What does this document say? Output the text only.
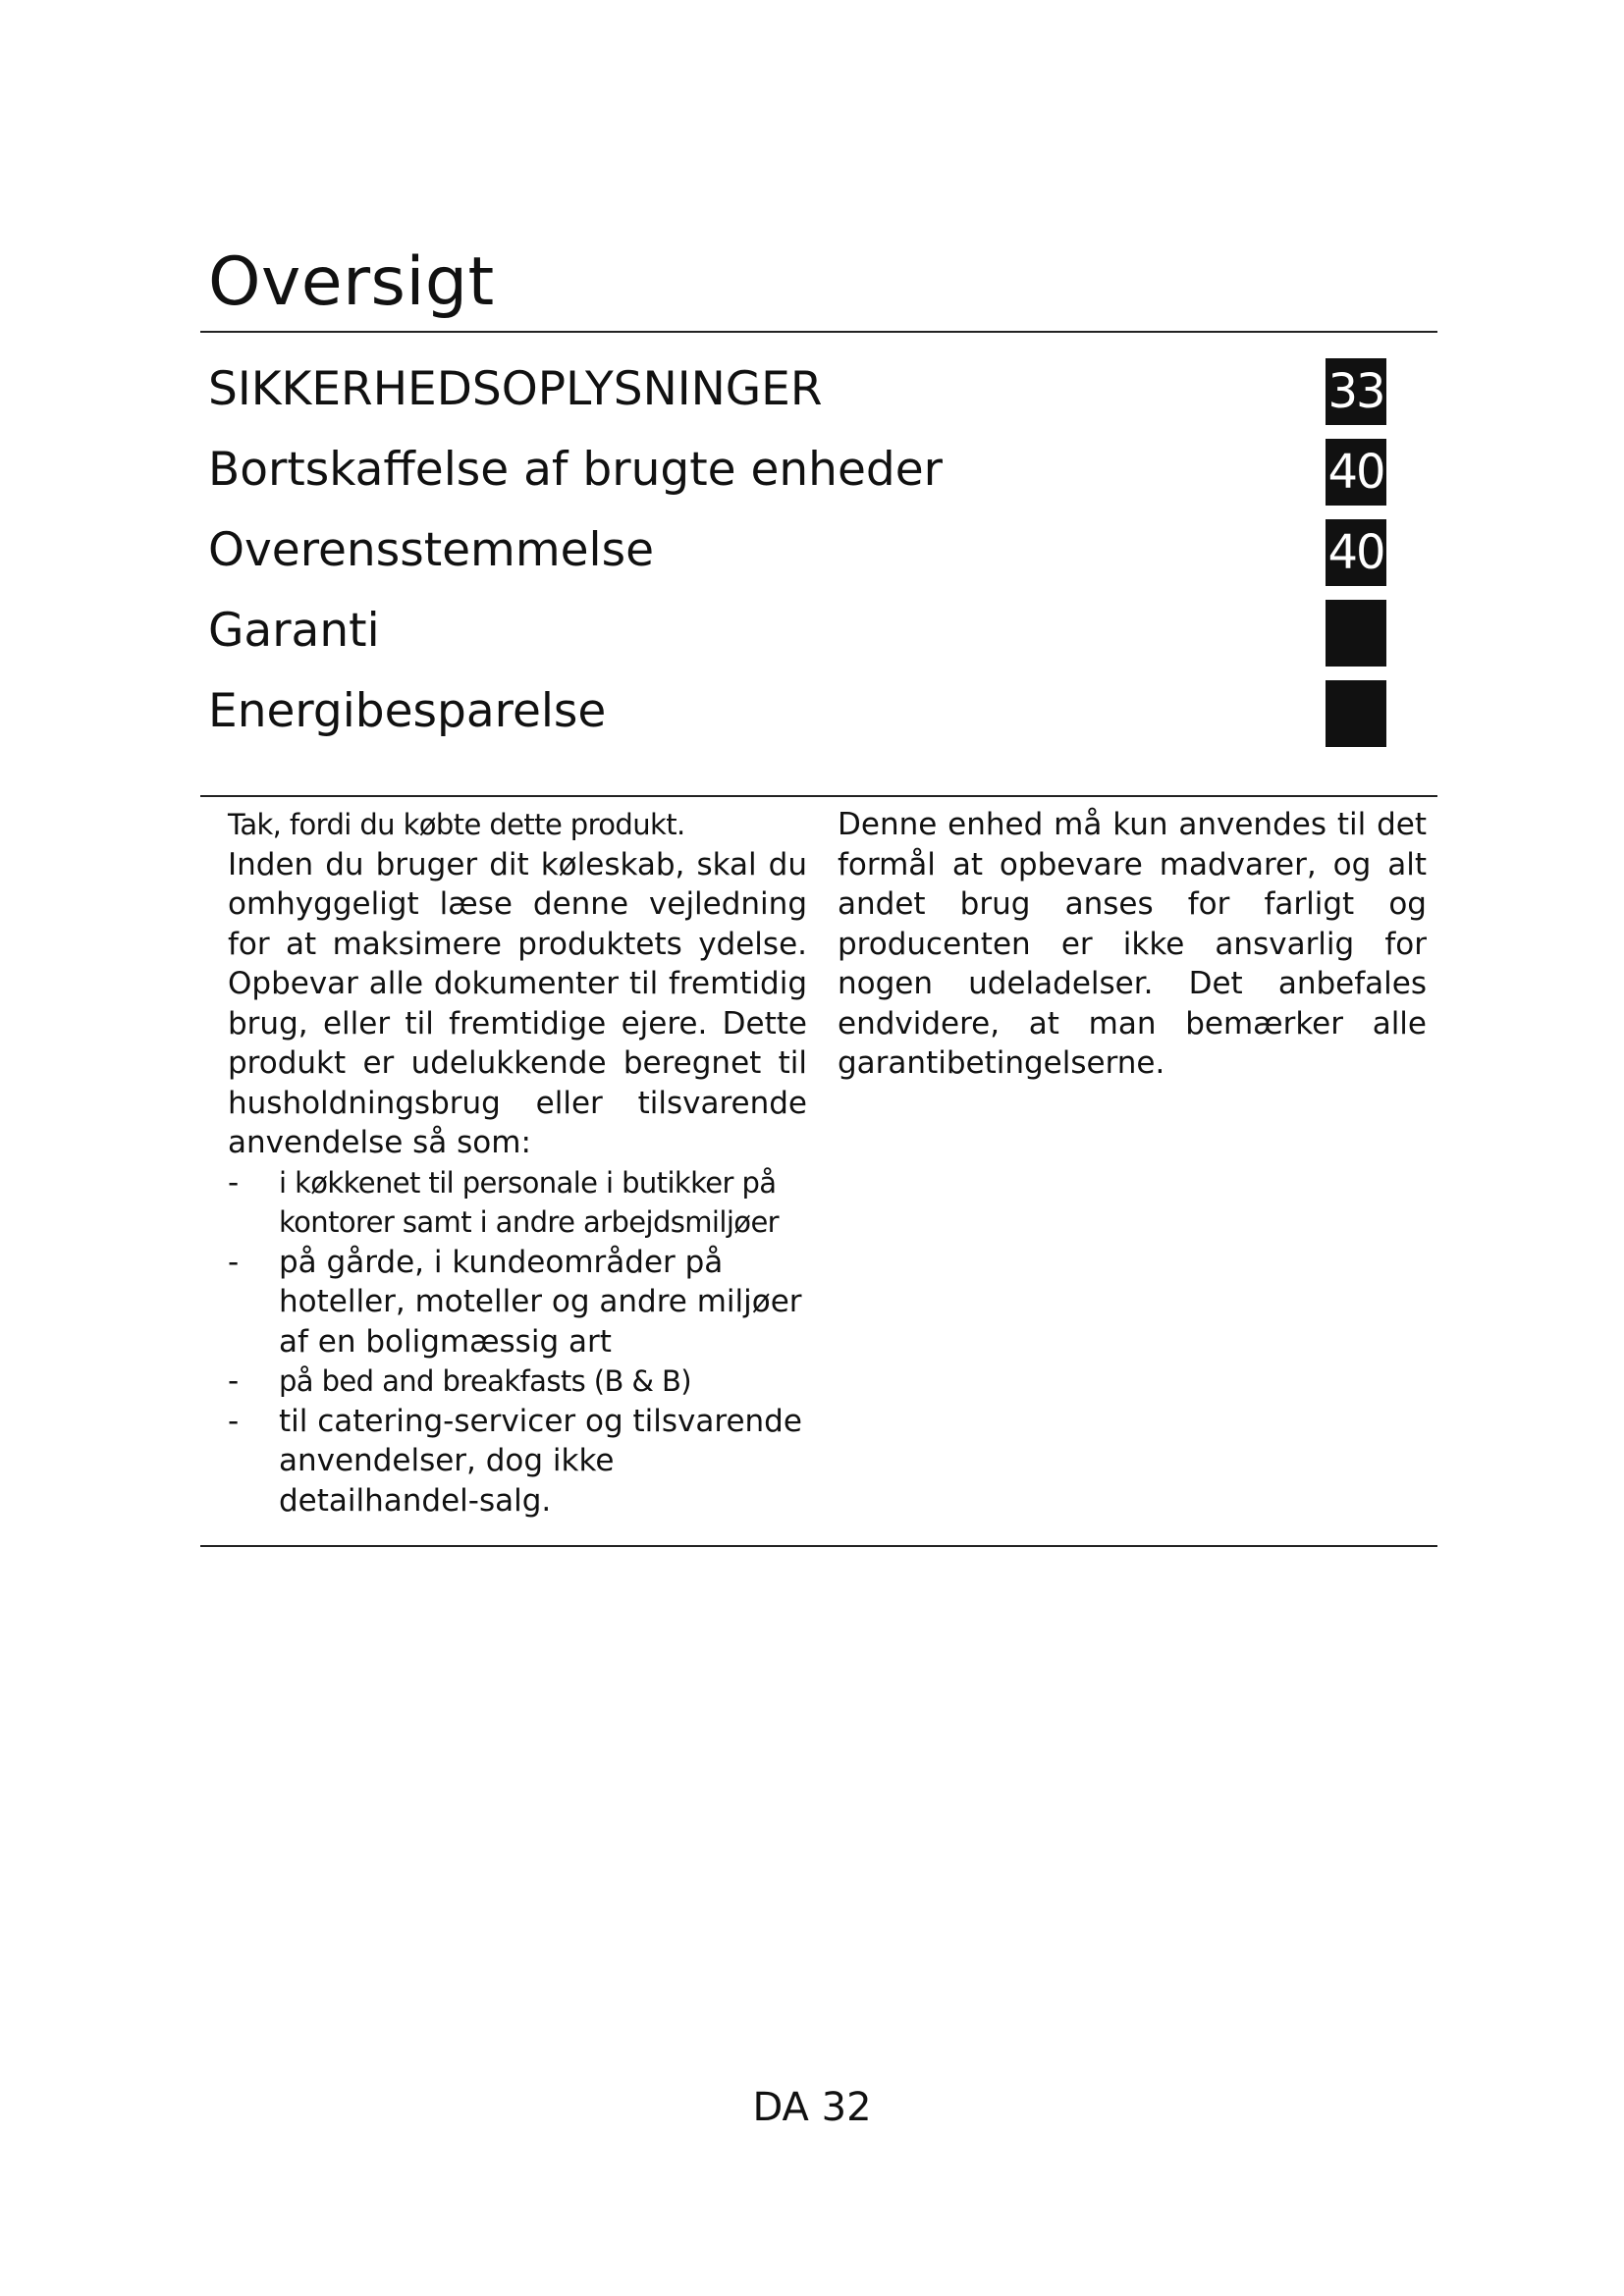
Oversigt
SIKKERHEDSOPLYSNINGER	33
Bortskaffelse af brugte enheder	40
Overensstemmelse	40
Garanti
Energibesparelse

Tak, fordi du købte dette produkt.

Inden du bruger dit køleskab, skal du omhyggeligt læse denne vejledning for at maksimere produktets ydelse. Opbevar alle dokumenter til fremtidig brug, eller til fremtidige ejere. Dette produkt er udelukkende beregnet til husholdningsbrug eller tilsvarende anvendelse så som:

- i køkkenet til personale i butikker på kontorer samt i andre arbejdsmiljøer
- på gårde, i kundeområder på hoteller, moteller og andre miljøer af en boligmæssig art
- på bed and breakfasts (B & B)
- til catering-servicer og tilsvarende anvendelser, dog ikke detailhandel-salg.

Denne enhed må kun anvendes til det formål at opbevare madvarer, og alt andet brug anses for farligt og producenten er ikke ansvarlig for nogen udeladelser. Det anbefales endvidere, at man bemærker alle garantibetingelserne.

DA 32
